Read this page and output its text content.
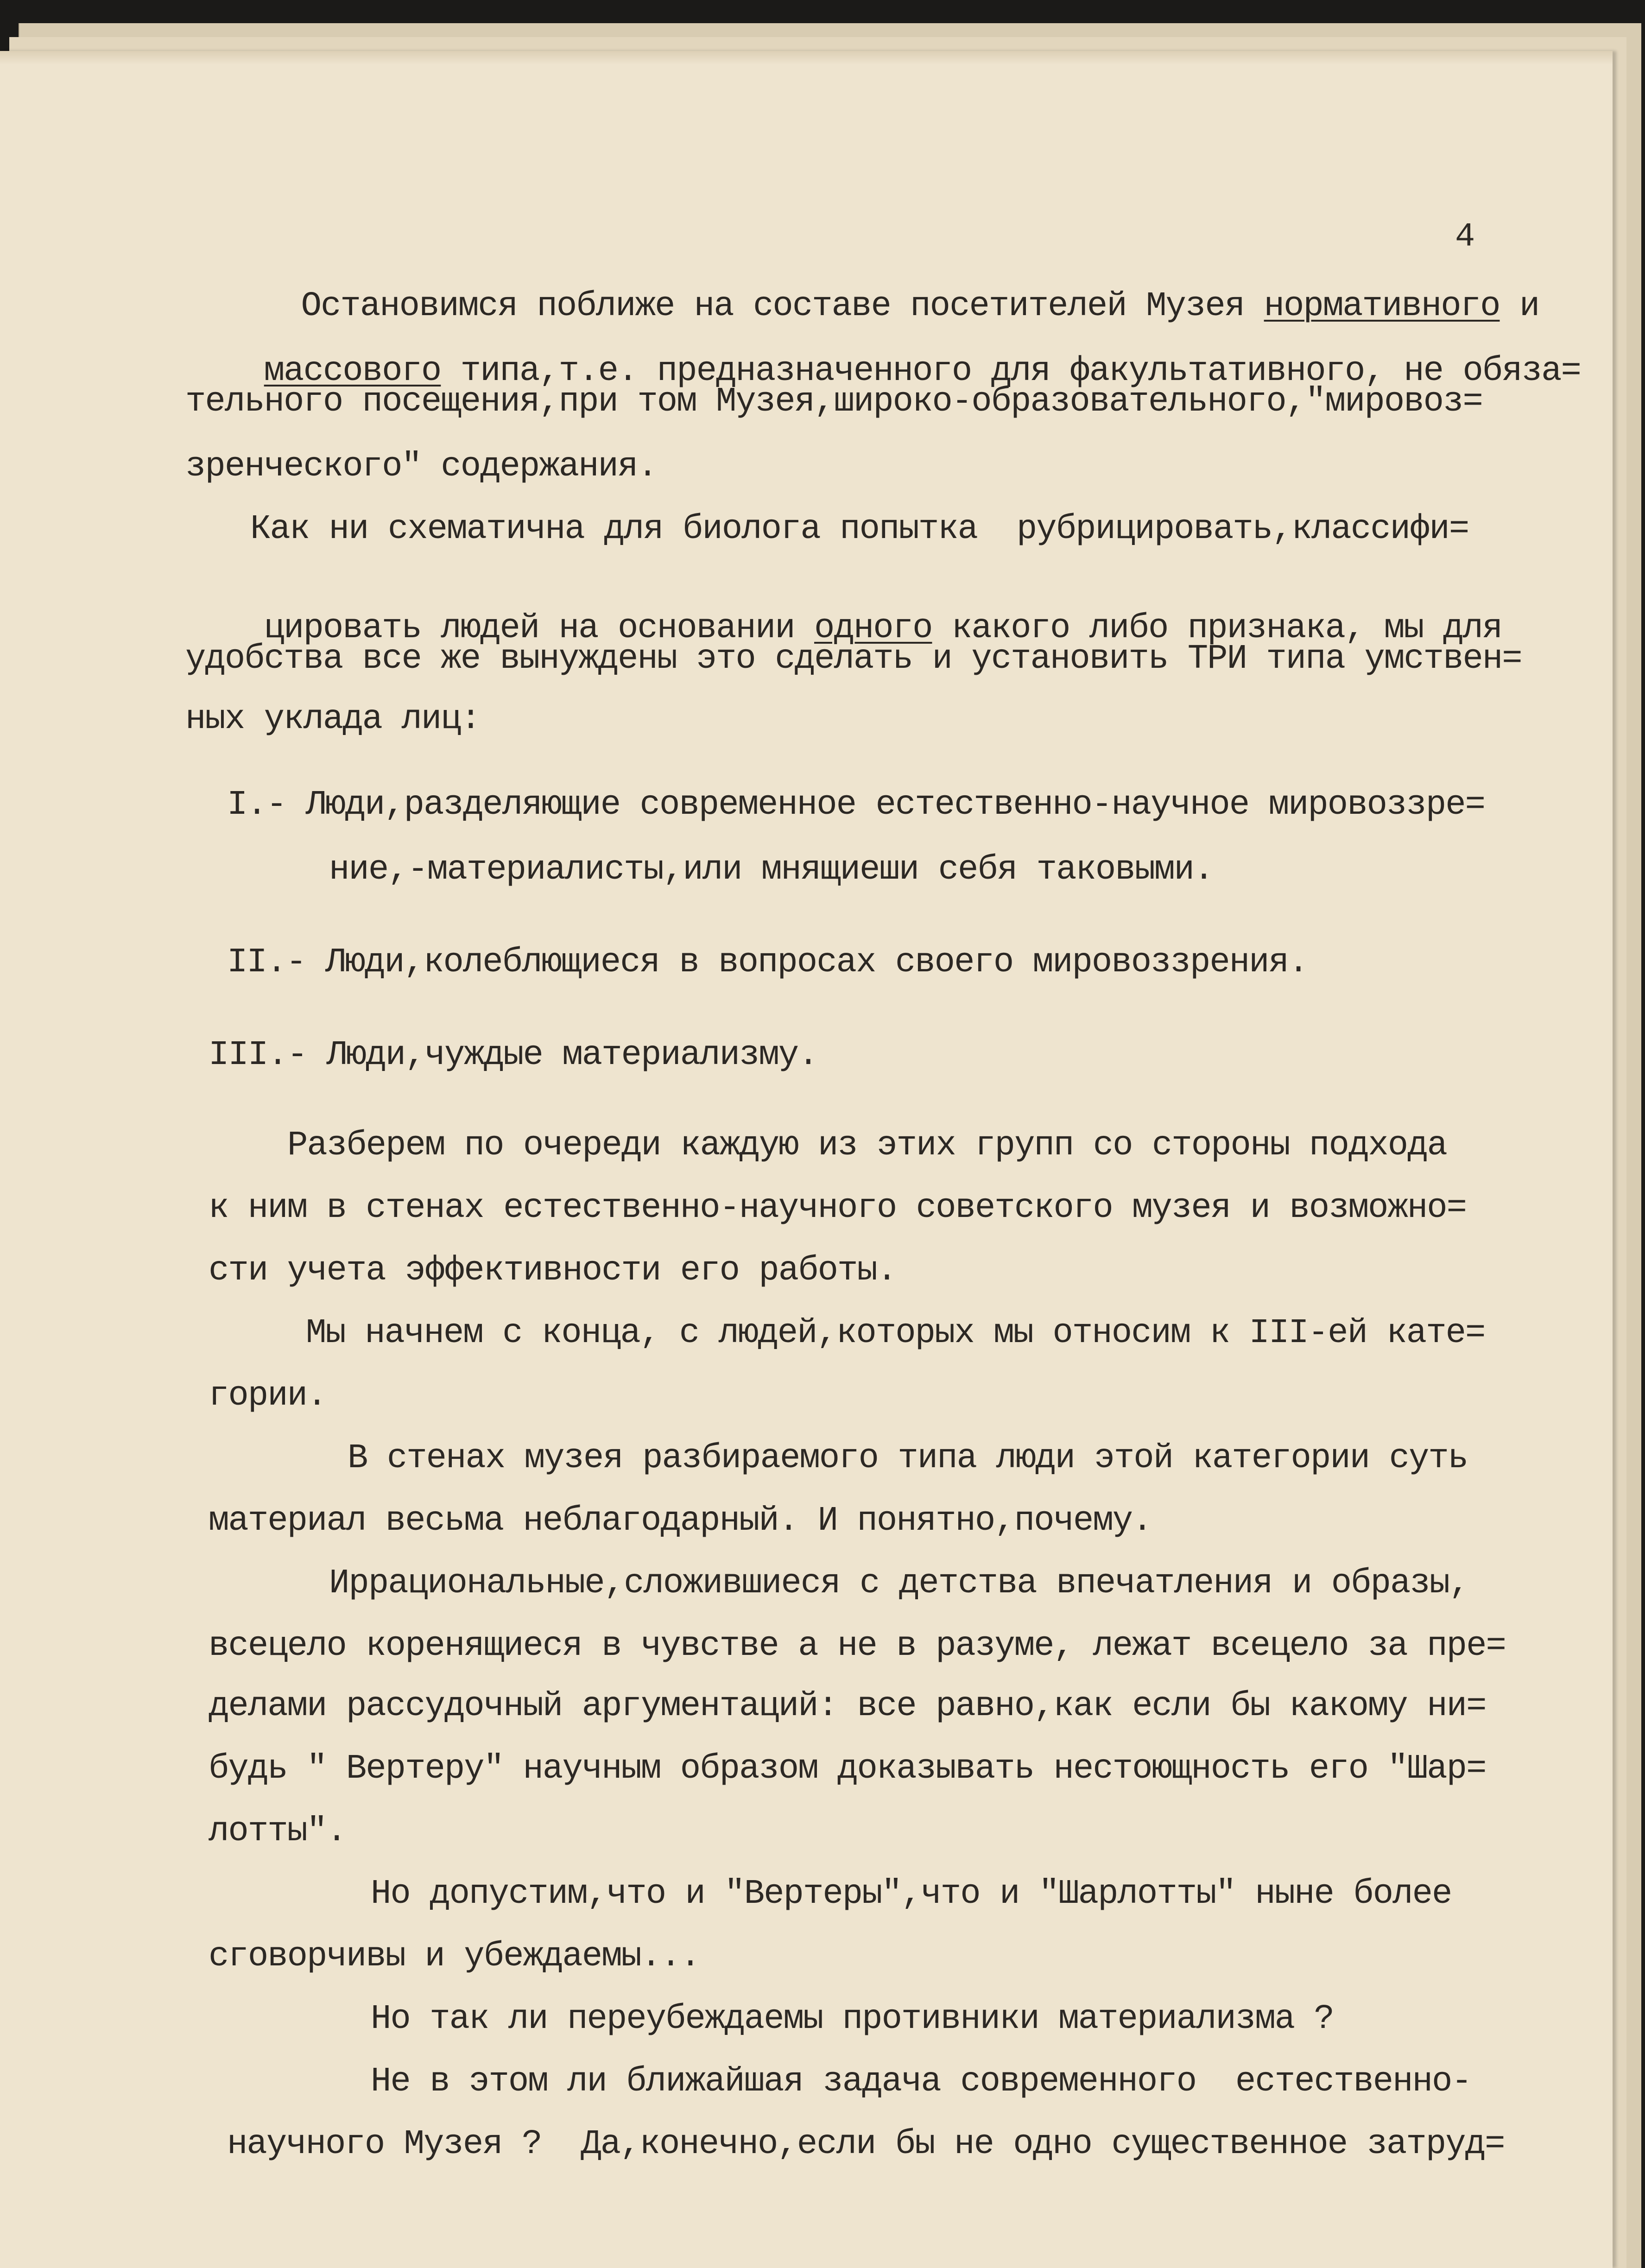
4

Остановимся поближе на составе посетителей Музея нормативного и

массового типа,т.е. предназначенного для факультативного, не обяза=

тельного посещения,при том Музея,широко-образовательного,"мировоз=
зренческого" содержания.
Как ни схематична для биолога попытка  рубрицировать,классифи=

цировать людей на основании одного какого либо признака, мы для

удобства все же вынуждены это сделать и установить ТРИ типа умствен=
ных уклада лиц:
I.- Люди,разделяющие современное естественно-научное мировоззре=
ние,-материалисты,или мнящиеши себя таковыми.
II.- Люди,колеблющиеся в вопросах своего мировоззрения.
III.- Люди,чуждые материализму.
Разберем по очереди каждую из этих групп со стороны подхода
к ним в стенах естественно-научного советского музея и возможно=
сти учета эффективности его работы.
Мы начнем с конца, с людей,которых мы относим к III-ей кате=
гории.
В стенах музея разбираемого типа люди этой категории суть
материал весьма неблагодарный. И понятно,почему.
Иррациональные,сложившиеся с детства впечатления и образы,
всецело коренящиеся в чувстве а не в разуме, лежат всецело за пре=
делами рассудочный аргументаций: все равно,как если бы какому ни=
будь " Вертеру" научным образом доказывать нестоющность его "Шар=
лотты".
Но допустим,что и "Вертеры",что и "Шарлотты" ныне более
сговорчивы и убеждаемы...
Но так ли переубеждаемы противники материализма ?
Не в этом ли ближайшая задача современного  естественно-
научного Музея ?  Да,конечно,если бы не одно существенное затруд=
